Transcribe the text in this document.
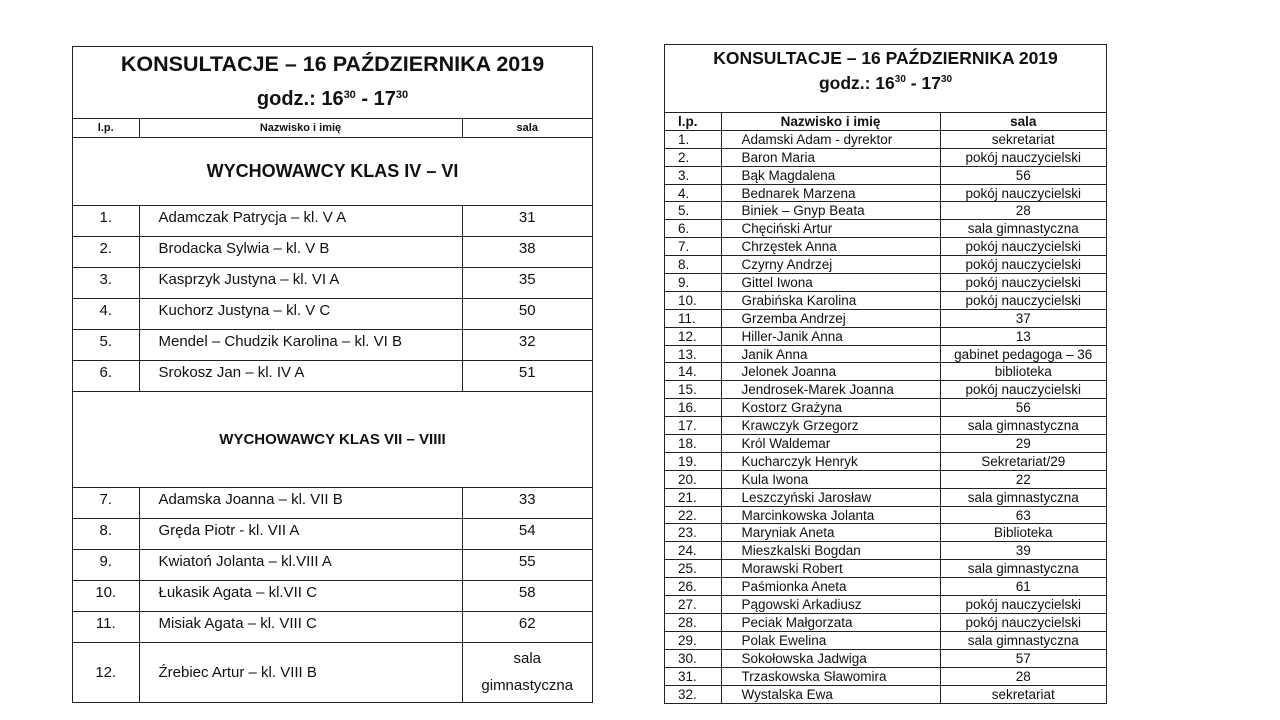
KONSULTACJE – 16 PAŹDZIERNIKA 2019
godz.: $16^{30} - 17^{30}$
l.p.	Nazwisko i imię	sala
WYCHOWAWCY KLAS IV – VI		
1.	Adamczak Patrycja – kl. V A	31
2.	Brodacka Sylwia – kl. V B	38
3.	Kasprzyk Justyna – kl. VI A	35
4.	Kuchorz Justyna – kl. V C	50
5.	Mendel – Chudzik Karolina – kl. VI B	32
6.	Srokosz Jan – kl. IV A	51
WYCHOWAWCY KLAS VII – VIIII		
7.	Adamska Joanna – kl. VII B	33
8.	Gręda Piotr - kl. VII A	54
9.	Kwiatoń Jolanta – kl.VIII A	55
10.	Łukasik Agata – kl.VII C	58
11.	Misiak Agata – kl. VIII C	62
12.	Źrebiec Artur – kl. VIII B	sala
gimnastyczna
KONSULTACJE – 16 PAŹDZIERNIKA 2019
godz.: $16^{30} - 17^{30}$
l.p.	Nazwisko i imię	sala
1.	Adamski Adam - dyrektor	sekretariat
2.	Baron Maria	pokój nauczycielski
3.	Bąk Magdalena	56
4.	Bednarek Marzena	pokój nauczycielski
5.	Biniek – Gnyp Beata	28
6.	Chęciński Artur	sala gimnastyczna
7.	Chrzęstek Anna	pokój nauczycielski
8.	Czyrny Andrzej	pokój nauczycielski
9.	Gittel Iwona	pokój nauczycielski
10.	Grabińska Karolina	pokój nauczycielski
11.	Grzemba Andrzej	37
12.	Hiller-Janik Anna	13
13.	Janik Anna	gabinet pedagoga – 36
14.	Jelonek Joanna	biblioteka
15.	Jendrosek-Marek Joanna	pokój nauczycielski
16.	Kostorz Grażyna	56
17.	Krawczyk Grzegorz	sala gimnastyczna
18.	Król Waldemar	29
19.	Kucharczyk Henryk	Sekretariat/29
20.	Kula Iwona	22
21.	Leszczyński Jarosław	sala gimnastyczna
22.	Marcinkowska Jolanta	63
23.	Maryniak Aneta	Biblioteka
24.	Mieszkalski Bogdan	39
25.	Morawski Robert	sala gimnastyczna
26.	Paśmionka Aneta	61
27.	Pągowski Arkadiusz	pokój nauczycielski
28.	Peciak Małgorzata	pokój nauczycielski
29.	Polak Ewelina	sala gimnastyczna
30.	Sokołowska Jadwiga	57
31.	Trzaskowska Sławomira	28
32.	Wystalska Ewa	sekretariat
